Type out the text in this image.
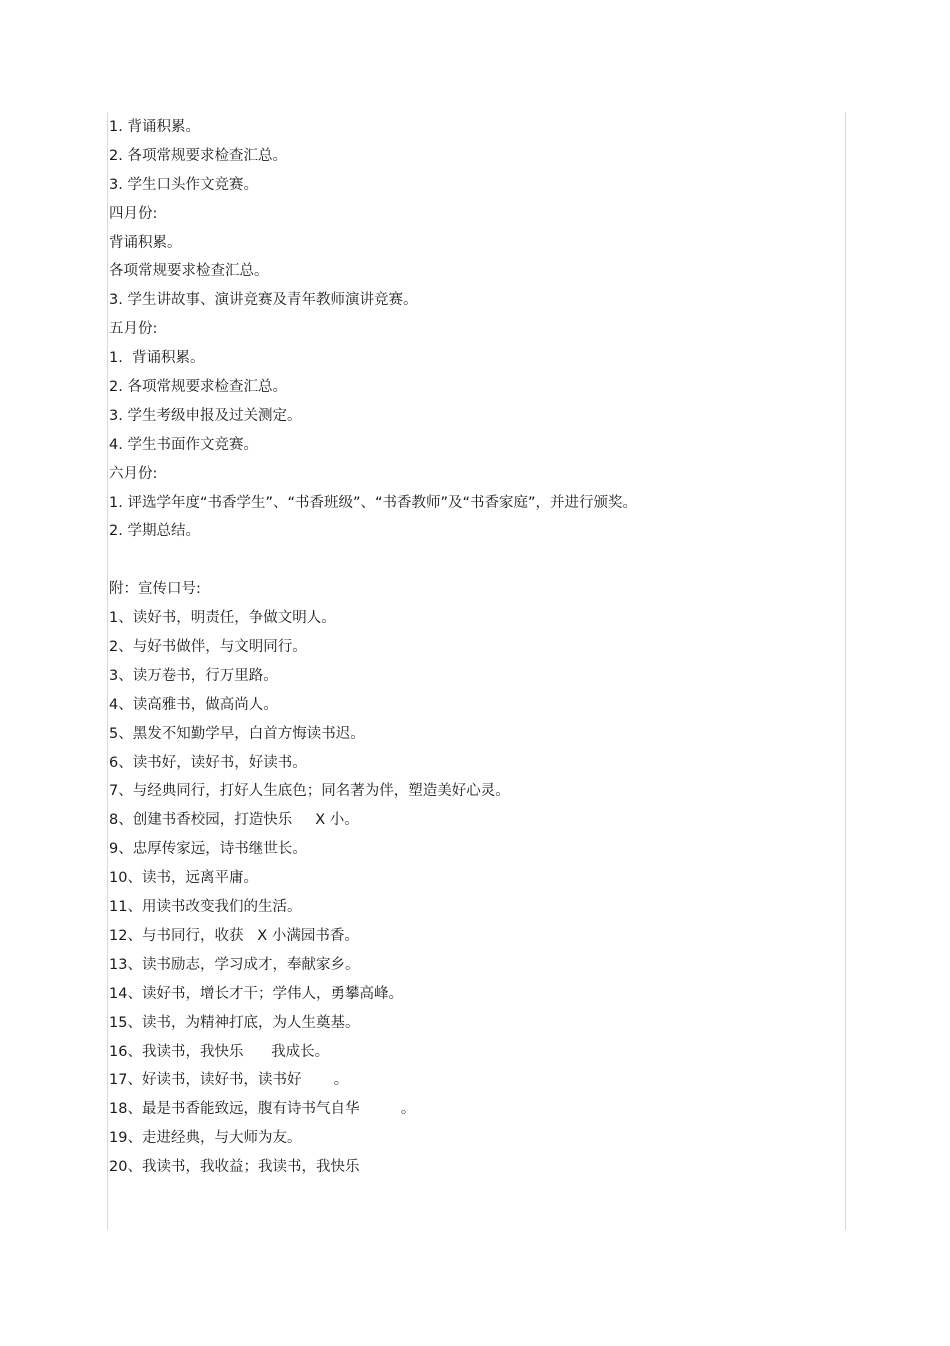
1. 背诵积累。
2. 各项常规要求检查汇总。
3. 学生口头作文竞赛。
四月份:
背诵积累。
各项常规要求检查汇总。
3. 学生讲故事、演讲竞赛及青年教师演讲竞赛。
五月份:
1.  背诵积累。
2. 各项常规要求检查汇总。
3. 学生考级申报及过关测定。
4. 学生书面作文竞赛。
六月份:
1. 评选学年度“书香学生”、“书香班级”、“书香教师”及“书香家庭”，并进行颁奖。
2. 学期总结。
附：宣传口号:
1、读好书，明责任，争做文明人。
2、与好书做伴，与文明同行。
3、读万卷书，行万里路。
4、读高雅书，做高尚人。
5、黑发不知勤学早，白首方悔读书迟。
6、读书好，读好书，好读书。
7、与经典同行，打好人生底色；同名著为伴，塑造美好心灵。
8、创建书香校园，打造快乐     X 小。
9、忠厚传家远，诗书继世长。
10、读书，远离平庸。
11、用读书改变我们的生活。
12、与书同行，收获   X 小满园书香。
13、读书励志，学习成才，奉献家乡。
14、读好书，增长才干；学伟人，勇攀高峰。
15、读书，为精神打底，为人生奠基。
16、我读书，我快乐      我成长。
17、好读书，读好书，读书好       。
18、最是书香能致远，腹有诗书气自华         。
19、走进经典，与大师为友。
20、我读书，我收益；我读书，我快乐
